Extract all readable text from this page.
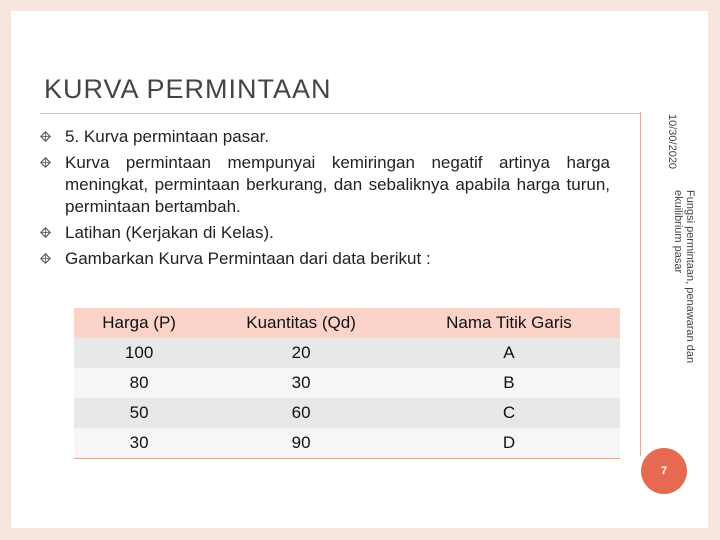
KURVA PERMINTAAN
10/30/2020
Fungsi permintaan, penawaran dan ekuilibrium pasar
7
5. Kurva permintaan pasar.
Kurva permintaan mempunyai kemiringan negatif artinya harga meningkat, permintaan berkurang, dan sebaliknya apabila harga turun, permintaan bertambah.
Latihan (Kerjakan di Kelas).
Gambarkan Kurva Permintaan dari data berikut :
Harga (P)	Kuantitas (Qd)	Nama Titik Garis
100	20	A
80	30	B
50	60	C
30	90	D
